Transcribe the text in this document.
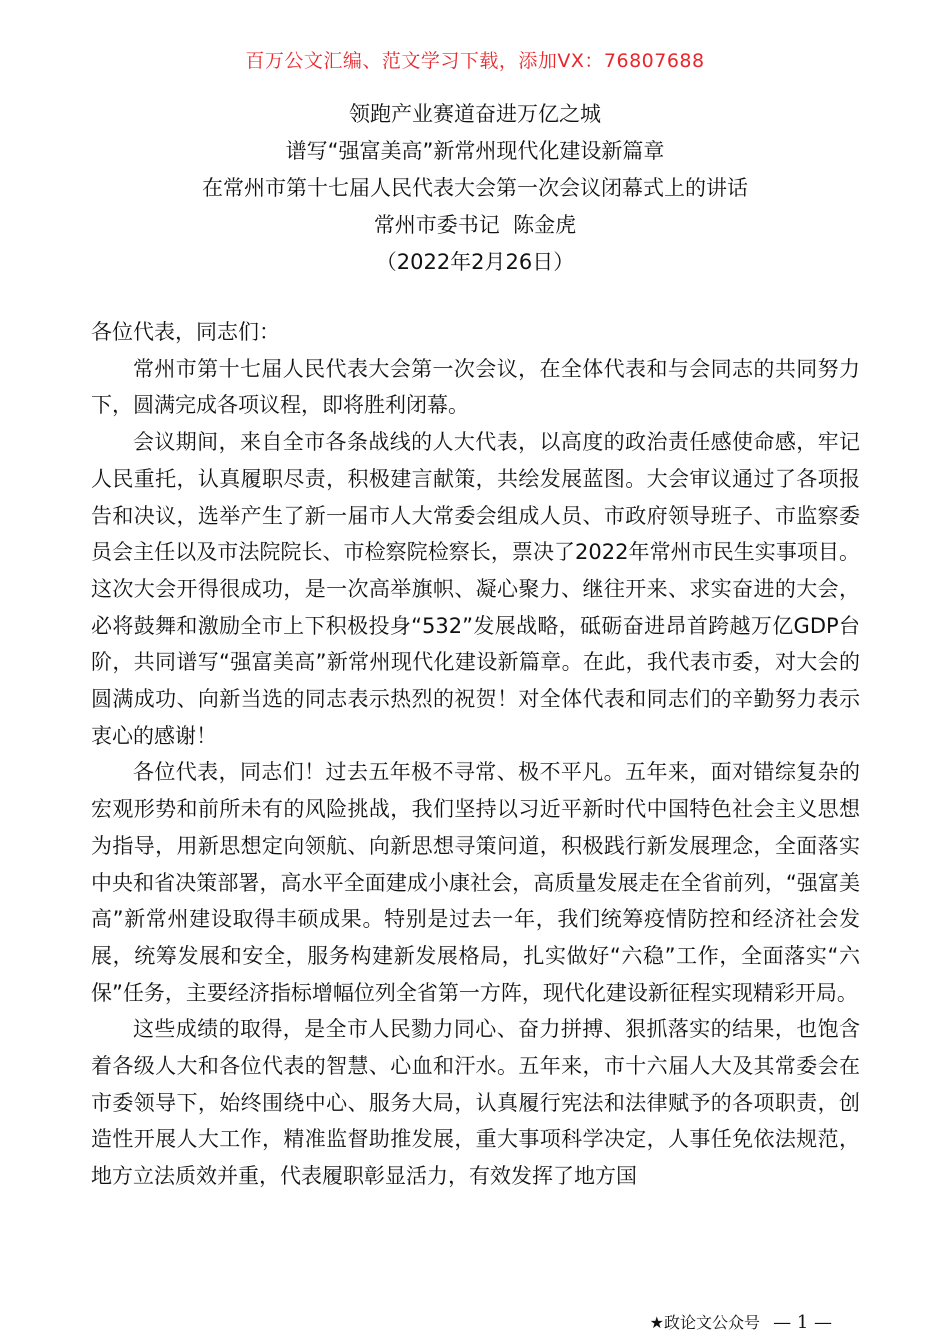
百万公文汇编、范文学习下载，添加VX：76807688
领跑产业赛道奋进万亿之城
谱写“强富美高”新常州现代化建设新篇章
在常州市第十七届人民代表大会第一次会议闭幕式上的讲话
常州市委书记  陈金虎
（2022年2月26日）

各位代表，同志们：

常州市第十七届人民代表大会第一次会议，在全体代表和与会同志的共同努力下，圆满完成各项议程，即将胜利闭幕。

会议期间，来自全市各条战线的人大代表，以高度的政治责任感使命感，牢记人民重托，认真履职尽责，积极建言献策，共绘发展蓝图。大会审议通过了各项报告和决议，选举产生了新一届市人大常委会组成人员、市政府领导班子、市监察委员会主任以及市法院院长、市检察院检察长，票决了2022年常州市民生实事项目。这次大会开得很成功，是一次高举旗帜、凝心聚力、继往开来、求实奋进的大会，必将鼓舞和激励全市上下积极投身“532”发展战略，砥砺奋进昂首跨越万亿GDP台阶，共同谱写“强富美高”新常州现代化建设新篇章。在此，我代表市委，对大会的圆满成功、向新当选的同志表示热烈的祝贺！对全体代表和同志们的辛勤努力表示衷心的感谢！

各位代表，同志们！过去五年极不寻常、极不平凡。五年来，面对错综复杂的宏观形势和前所未有的风险挑战，我们坚持以习近平新时代中国特色社会主义思想为指导，用新思想定向领航、向新思想寻策问道，积极践行新发展理念，全面落实中央和省决策部署，高水平全面建成小康社会，高质量发展走在全省前列，“强富美高”新常州建设取得丰硕成果。特别是过去一年，我们统筹疫情防控和经济社会发展，统筹发展和安全，服务构建新发展格局，扎实做好“六稳”工作，全面落实“六保”任务，主要经济指标增幅位列全省第一方阵，现代化建设新征程实现精彩开局。

这些成绩的取得，是全市人民勠力同心、奋力拼搏、狠抓落实的结果，也饱含着各级人大和各位代表的智慧、心血和汗水。五年来，市十六届人大及其常委会在市委领导下，始终围绕中心、服务大局，认真履行宪法和法律赋予的各项职责，创造性开展人大工作，精准监督助推发展，重大事项科学决定，人事任免依法规范，地方立法质效并重，代表履职彰显活力，有效发挥了地方国

★政论文公众号 — 1 —
